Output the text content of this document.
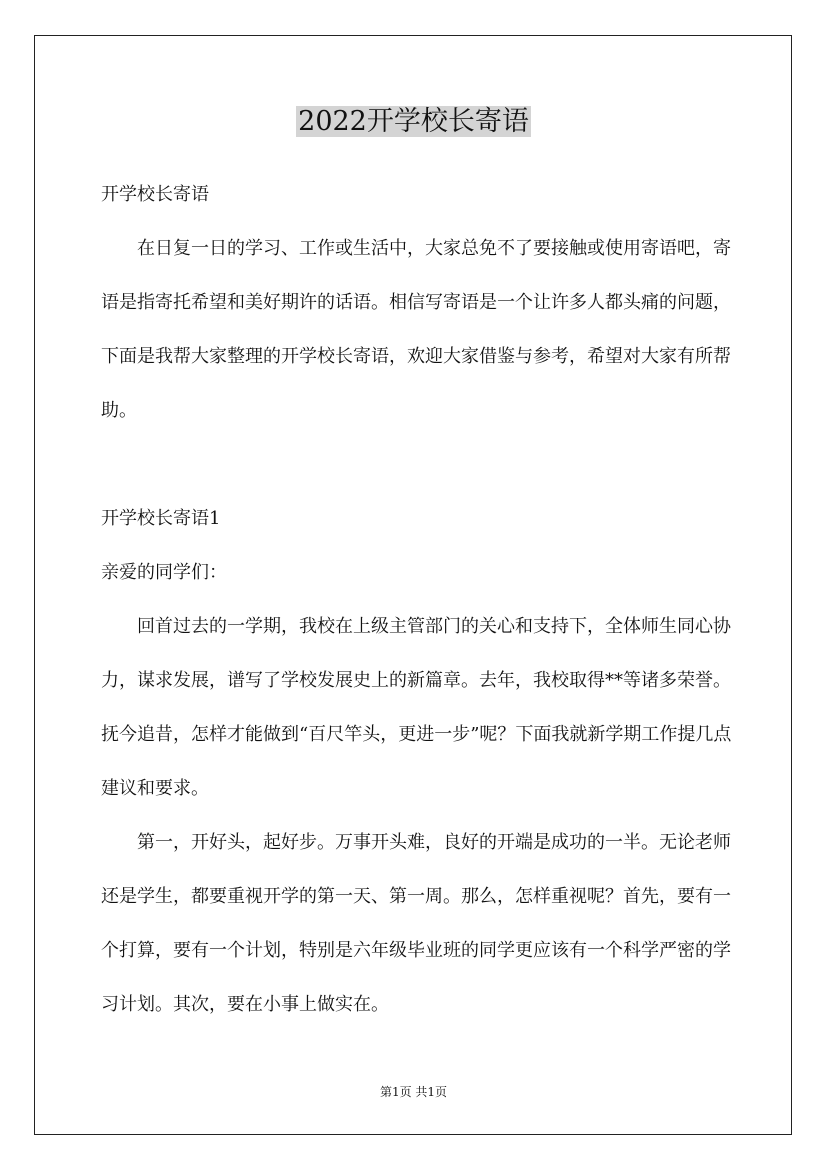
2022开学校长寄语

开学校长寄语

在日复一日的学习、工作或生活中，大家总免不了要接触或使用寄语吧，寄语是指寄托希望和美好期许的话语。相信写寄语是一个让许多人都头痛的问题，下面是我帮大家整理的开学校长寄语，欢迎大家借鉴与参考，希望对大家有所帮助。

开学校长寄语1

亲爱的同学们：

回首过去的一学期，我校在上级主管部门的关心和支持下，全体师生同心协力，谋求发展，谱写了学校发展史上的新篇章。去年，我校取得**等诸多荣誉。抚今追昔，怎样才能做到“百尺竿头，更进一步”呢？下面我就新学期工作提几点建议和要求。

第一，开好头，起好步。万事开头难，良好的开端是成功的一半。无论老师还是学生，都要重视开学的第一天、第一周。那么，怎样重视呢？首先，要有一个打算，要有一个计划，特别是六年级毕业班的同学更应该有一个科学严密的学习计划。其次，要在小事上做实在。

第1页 共1页
